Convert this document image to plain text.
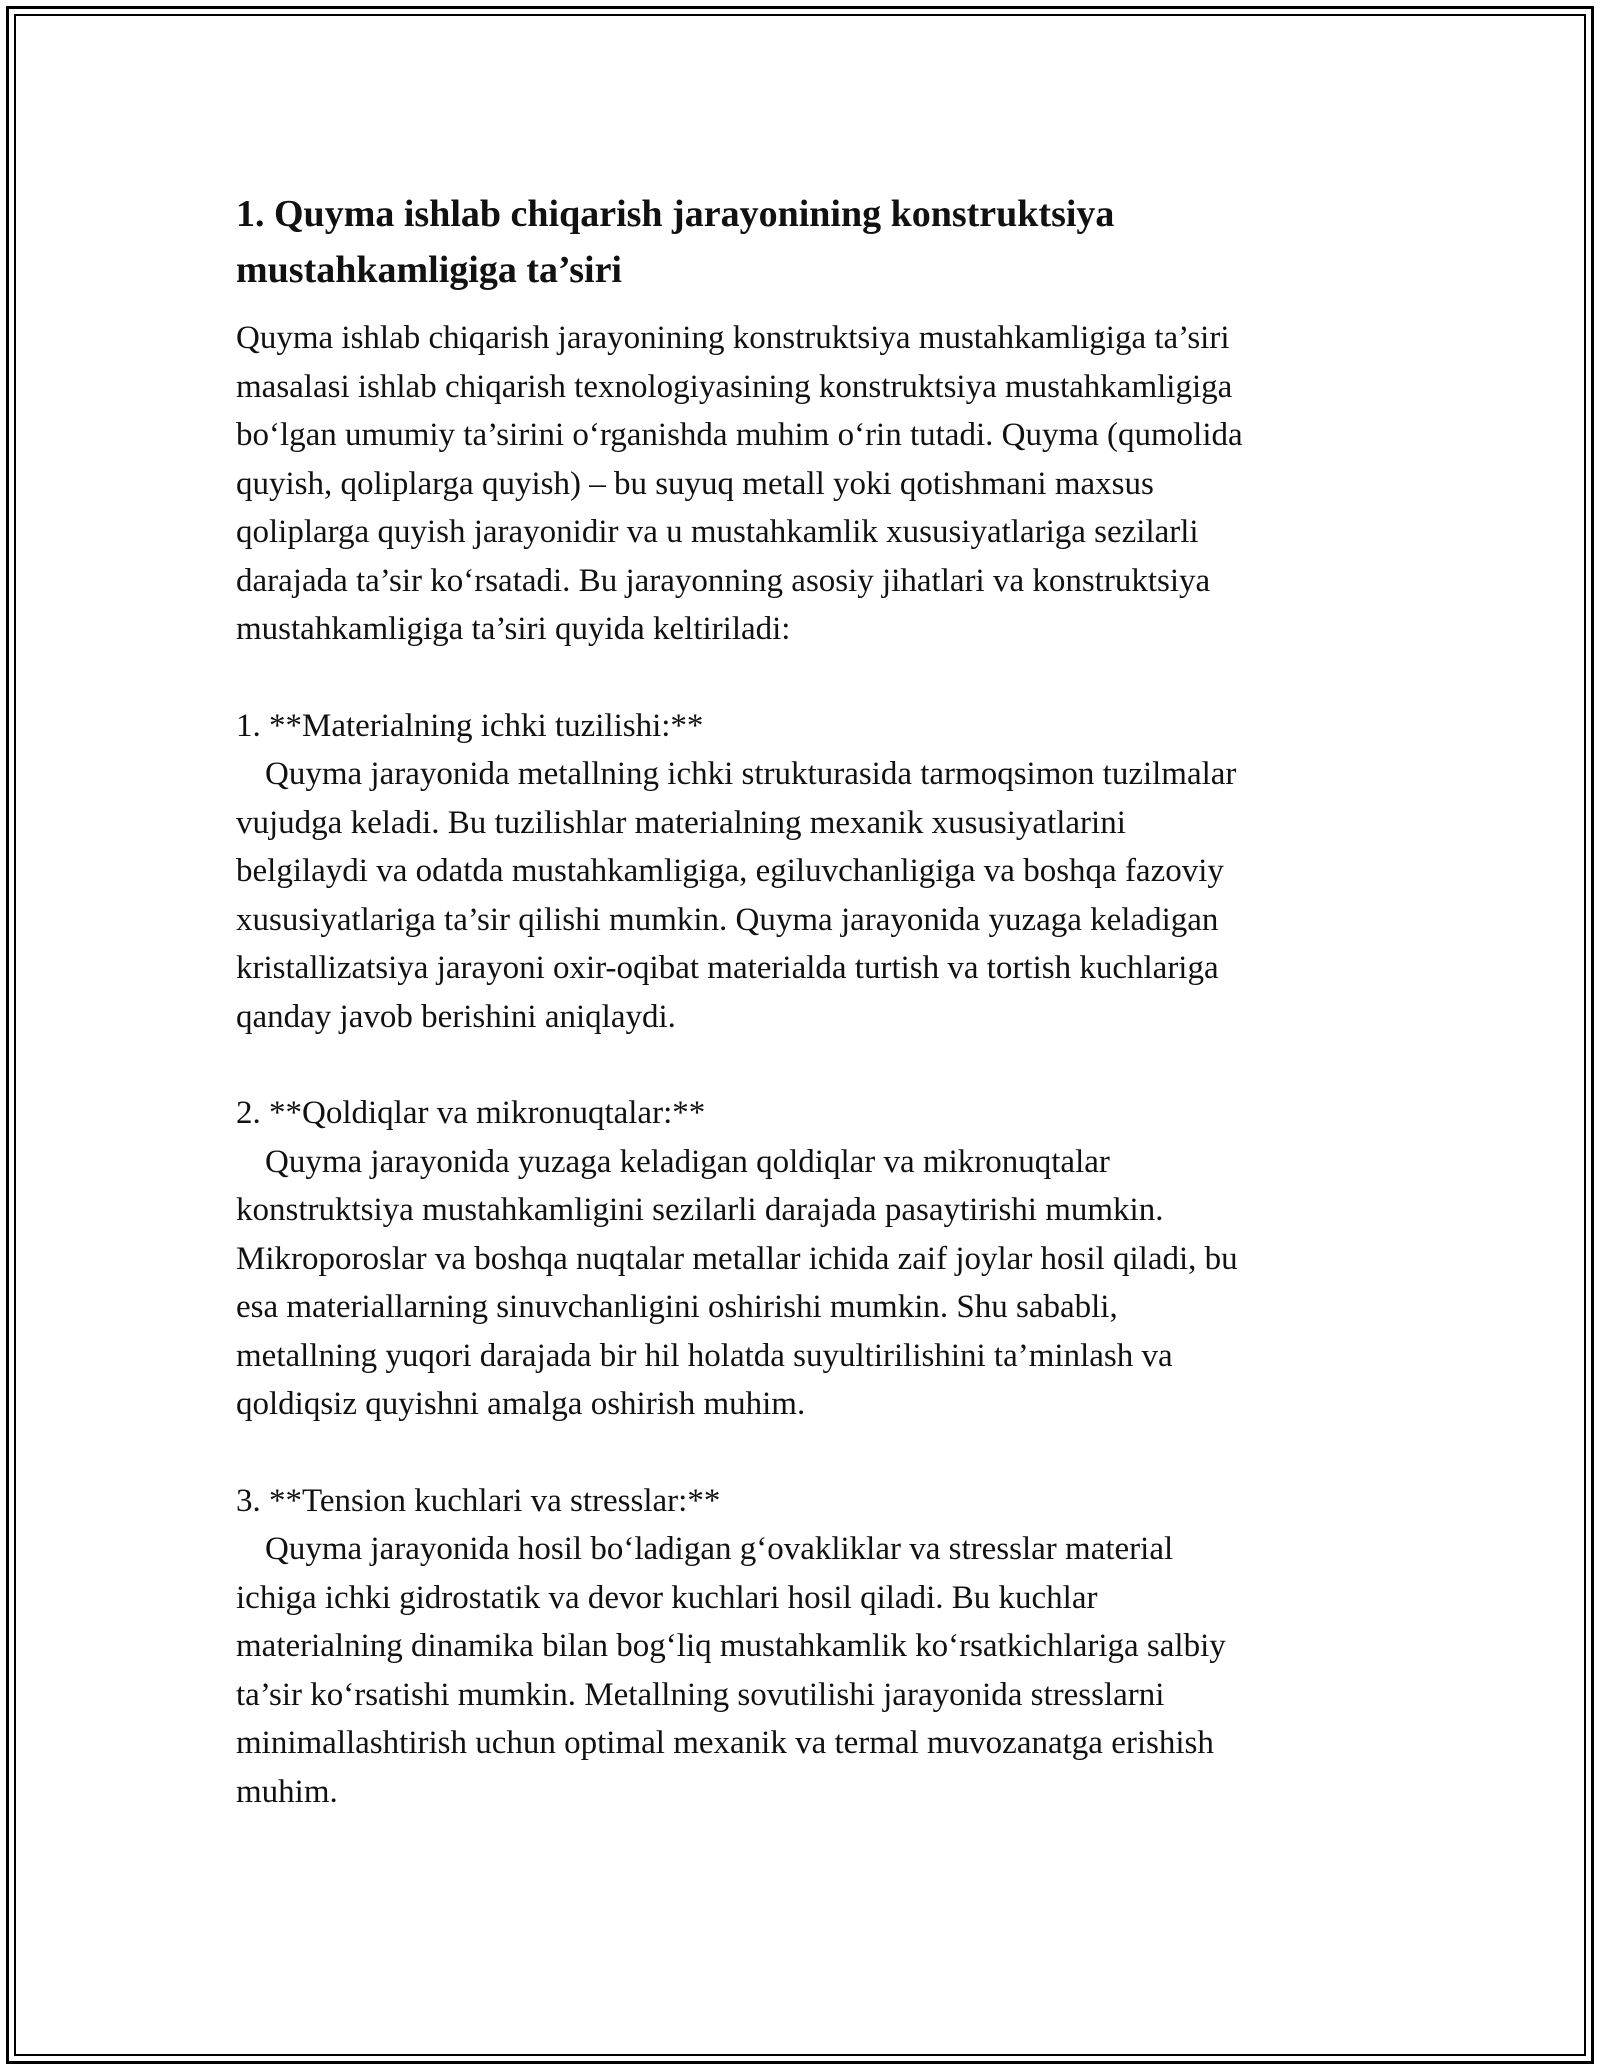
1. Quyma ishlab chiqarish jarayonining konstruktsiya
mustahkamligiga ta’siri
Quyma ishlab chiqarish jarayonining konstruktsiya mustahkamligiga ta’siri
masalasi ishlab chiqarish texnologiyasining konstruktsiya mustahkamligiga
bo‘lgan umumiy ta’sirini o‘rganishda muhim o‘rin tutadi. Quyma (qumolida
quyish, qoliplarga quyish) – bu suyuq metall yoki qotishmani maxsus
qoliplarga quyish jarayonidir va u mustahkamlik xususiyatlariga sezilarli
darajada ta’sir ko‘rsatadi. Bu jarayonning asosiy jihatlari va konstruktsiya
mustahkamligiga ta’siri quyida keltiriladi:
1. **Materialning ichki tuzilishi:**
Quyma jarayonida metallning ichki strukturasida tarmoqsimon tuzilmalar
vujudga keladi. Bu tuzilishlar materialning mexanik xususiyatlarini
belgilaydi va odatda mustahkamligiga, egiluvchanligiga va boshqa fazoviy
xususiyatlariga ta’sir qilishi mumkin. Quyma jarayonida yuzaga keladigan
kristallizatsiya jarayoni oxir-oqibat materialda turtish va tortish kuchlariga
qanday javob berishini aniqlaydi.
2. **Qoldiqlar va mikronuqtalar:**
Quyma jarayonida yuzaga keladigan qoldiqlar va mikronuqtalar
konstruktsiya mustahkamligini sezilarli darajada pasaytirishi mumkin.
Mikroporoslar va boshqa nuqtalar metallar ichida zaif joylar hosil qiladi, bu
esa materiallarning sinuvchanligini oshirishi mumkin. Shu sababli,
metallning yuqori darajada bir hil holatda suyultirilishini ta’minlash va
qoldiqsiz quyishni amalga oshirish muhim.
3. **Tension kuchlari va stresslar:**
Quyma jarayonida hosil bo‘ladigan g‘ovakliklar va stresslar material
ichiga ichki gidrostatik va devor kuchlari hosil qiladi. Bu kuchlar
materialning dinamika bilan bog‘liq mustahkamlik ko‘rsatkichlariga salbiy
ta’sir ko‘rsatishi mumkin. Metallning sovutilishi jarayonida stresslarni
minimallashtirish uchun optimal mexanik va termal muvozanatga erishish
muhim.
